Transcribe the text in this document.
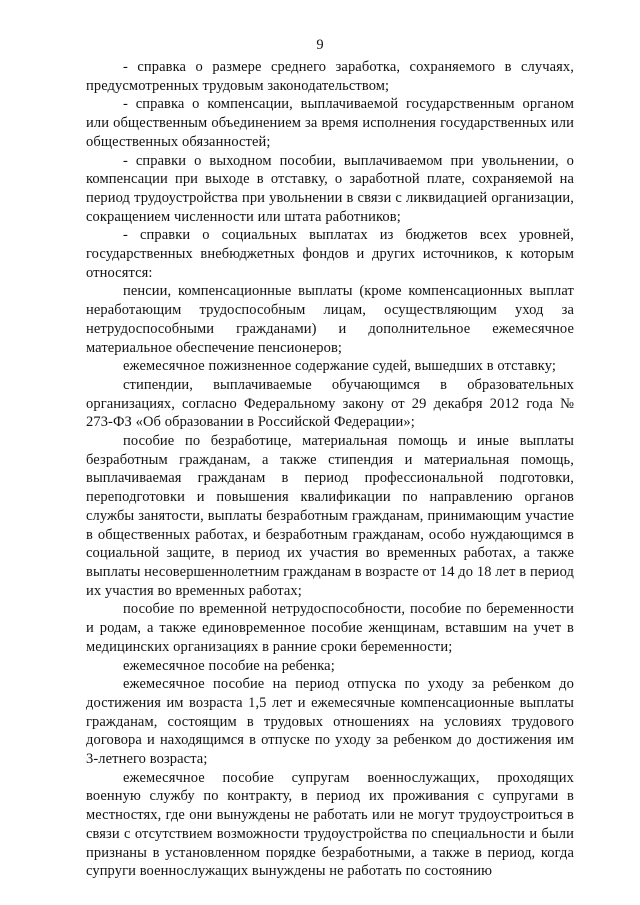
9

- справка о размере среднего заработка, сохраняемого в случаях, предусмотренных трудовым законодательством;

- справка о компенсации, выплачиваемой государственным органом или общественным объединением за время исполнения государственных или общественных обязанностей;

- справки о выходном пособии, выплачиваемом при увольнении, о компенсации при выходе в отставку, о заработной плате, сохраняемой на период трудоустройства при увольнении в связи с ликвидацией организации, сокращением численности или штата работников;

- справки о социальных выплатах из бюджетов всех уровней, государственных внебюджетных фондов и других источников, к которым относятся:

пенсии, компенсационные выплаты (кроме компенсационных выплат неработающим трудоспособным лицам, осуществляющим уход за нетрудоспособными гражданами) и дополнительное ежемесячное материальное обеспечение пенсионеров;

ежемесячное пожизненное содержание судей, вышедших в отставку;

стипендии, выплачиваемые обучающимся в образовательных организациях, согласно Федеральному закону от 29 декабря 2012 года № 273-ФЗ «Об образовании в Российской Федерации»;

пособие по безработице, материальная помощь и иные выплаты безработным гражданам, а также стипендия и материальная помощь, выплачиваемая гражданам в период профессиональной подготовки, переподготовки и повышения квалификации по направлению органов службы занятости, выплаты безработным гражданам, принимающим участие в общественных работах, и безработным гражданам, особо нуждающимся в социальной защите, в период их участия во временных работах, а также выплаты несовершеннолетним гражданам в возрасте от 14 до 18 лет в период их участия во временных работах;

пособие по временной нетрудоспособности, пособие по беременности и родам, а также единовременное пособие женщинам, вставшим на учет в медицинских организациях в ранние сроки беременности;

ежемесячное пособие на ребенка;

ежемесячное пособие на период отпуска по уходу за ребенком до достижения им возраста 1,5 лет и ежемесячные компенсационные выплаты гражданам, состоящим в трудовых отношениях на условиях трудового договора и находящимся в отпуске по уходу за ребенком до достижения им 3-летнего возраста;

ежемесячное пособие супругам военнослужащих, проходящих военную службу по контракту, в период их проживания с супругами в местностях, где они вынуждены не работать или не могут трудоустроиться в связи с отсутствием возможности трудоустройства по специальности и были признаны в установленном порядке безработными, а также в период, когда супруги военнослужащих вынуждены не работать по состоянию
